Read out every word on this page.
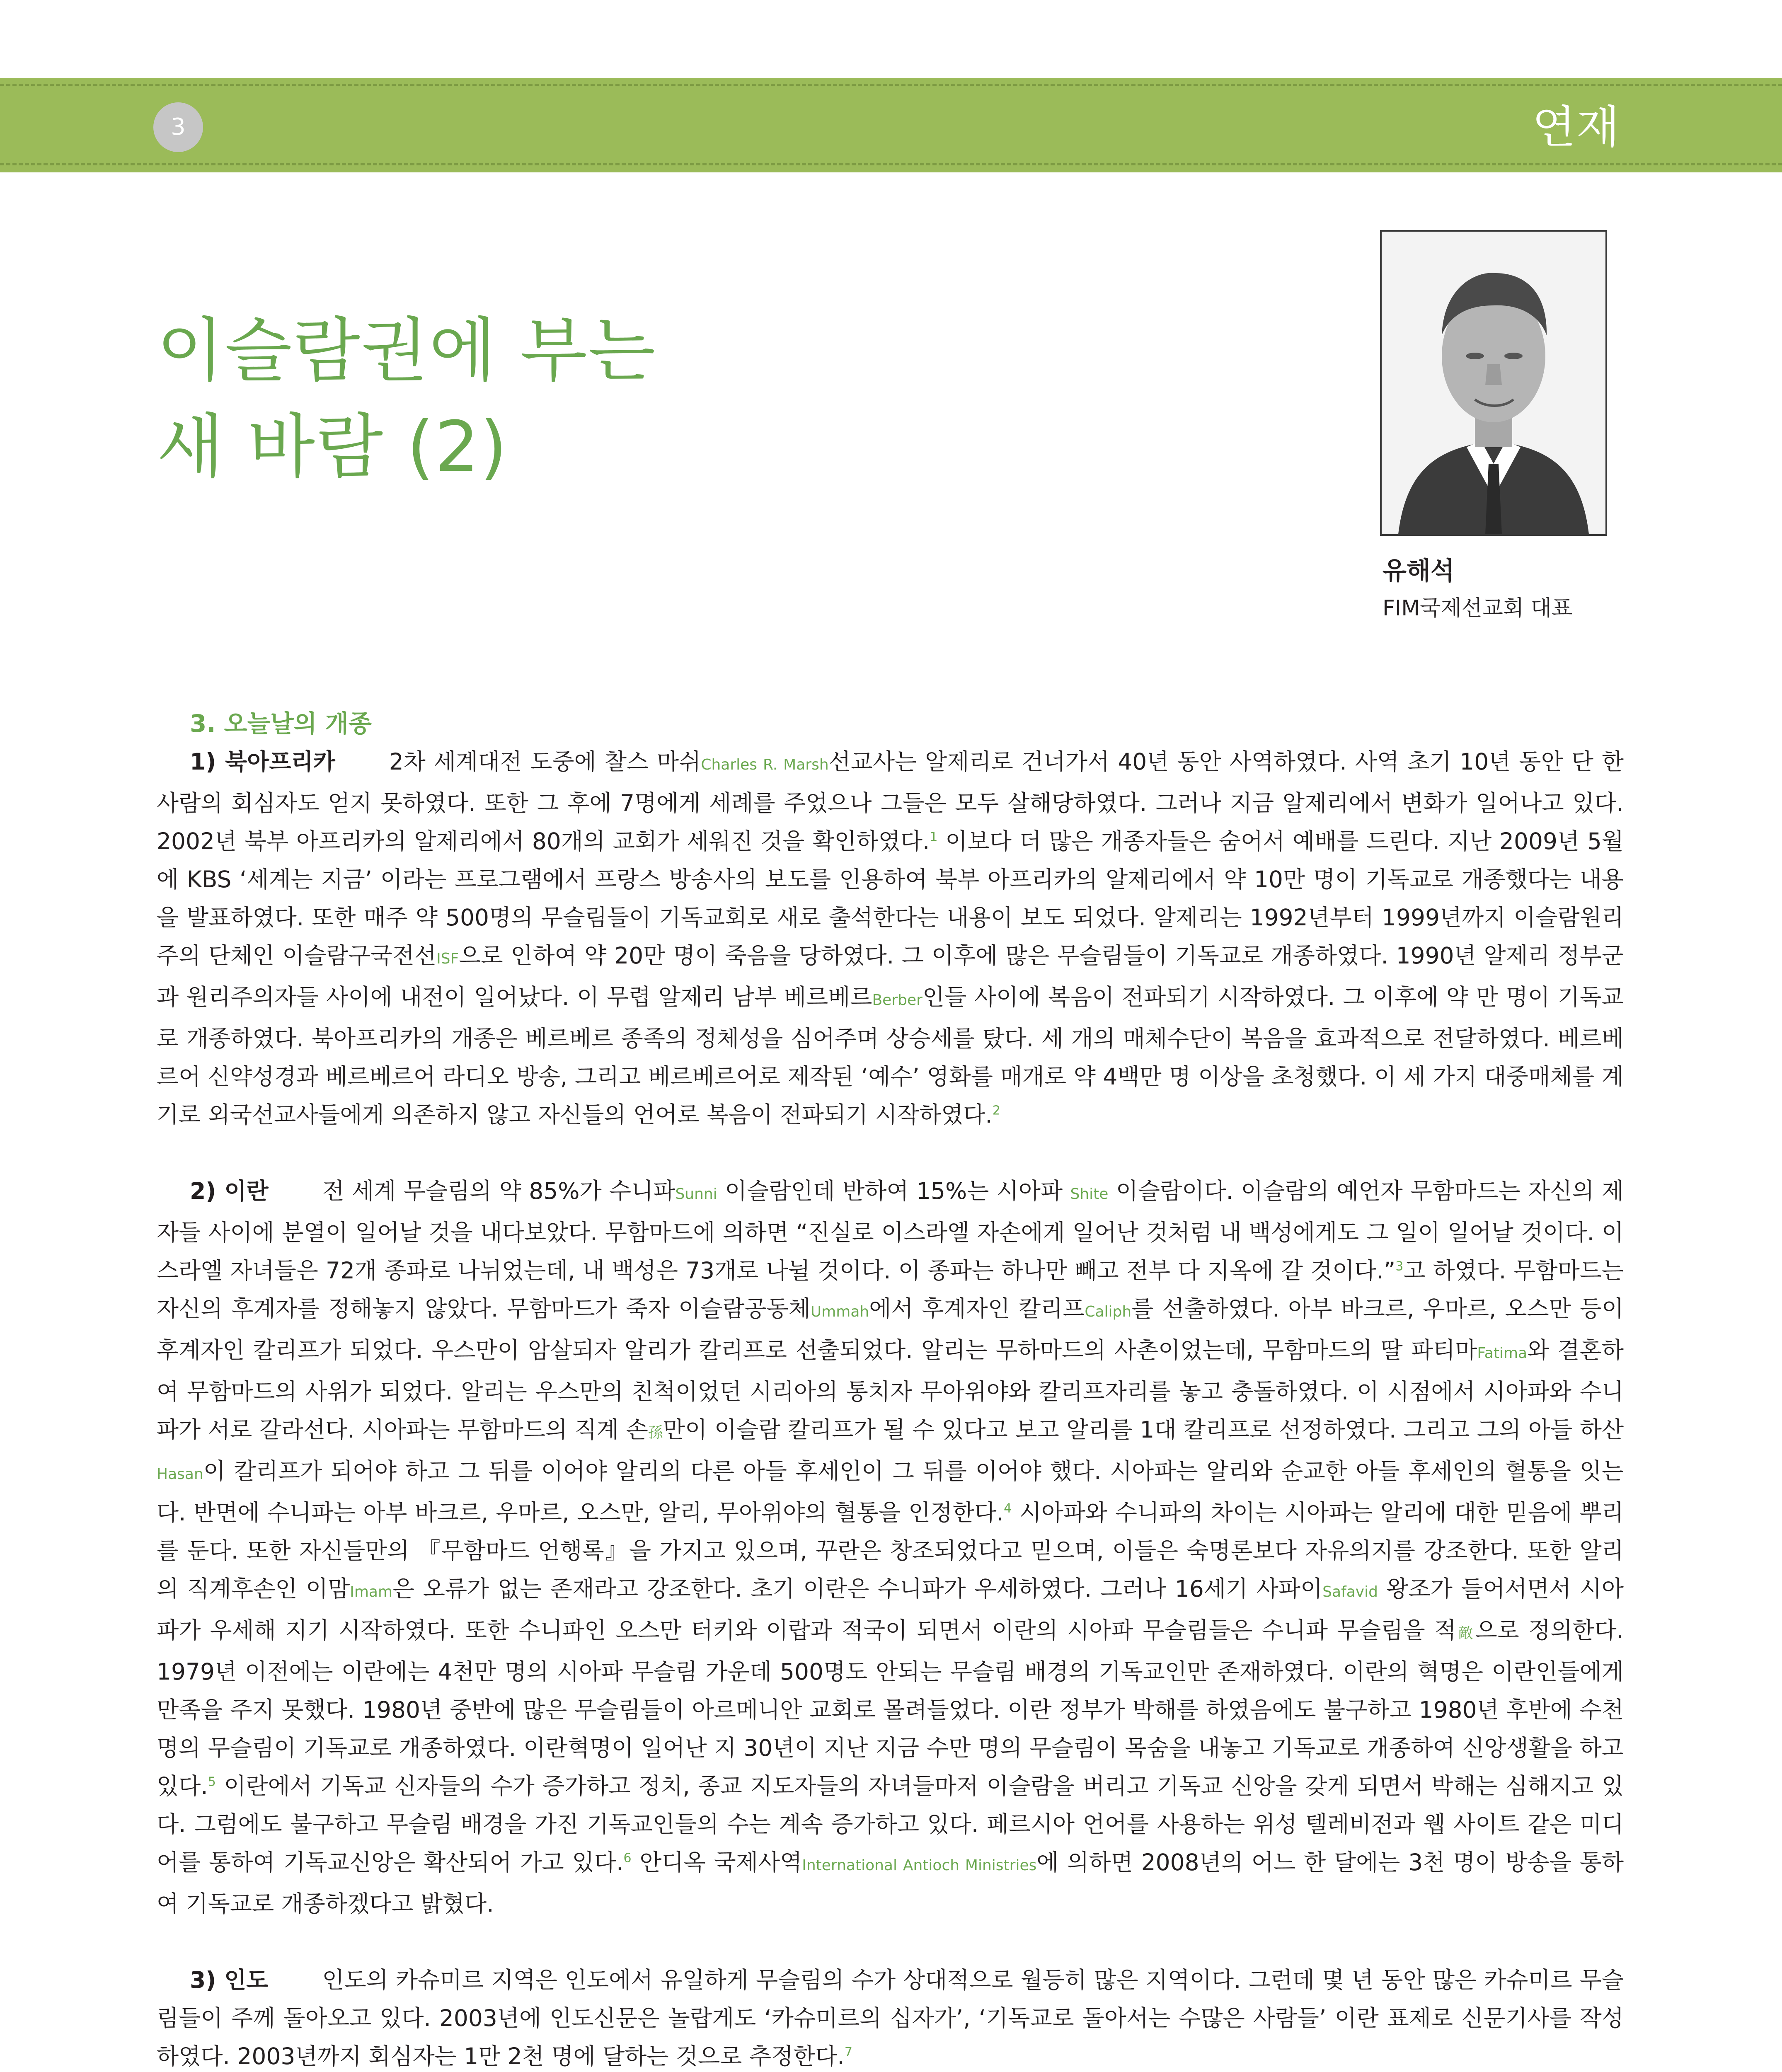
3	연재
이슬람권에 부는
새 바람 (2)
유해석
FIM국제선교회 대표
3. 오늘날의 개종

1) 북아프리카 2차 세계대전 도중에 찰스 마쉬Charles R. Marsh선교사는 알제리로 건너가서 40년 동안 사역하였다. 사역 초기 10년 동안 단 한사람의 회심자도 얻지 못하였다. 또한 그 후에 7명에게 세례를 주었으나 그들은 모두 살해당하였다. 그러나 지금 알제리에서 변화가 일어나고 있다. 2002년 북부 아프리카의 알제리에서 80개의 교회가 세워진 것을 확인하였다.$^1$ 이보다 더 많은 개종자들은 숨어서 예배를 드린다. 지난 2009년 5월에 KBS ‘세계는 지금’ 이라는 프로그램에서 프랑스 방송사의 보도를 인용하여 북부 아프리카의 알제리에서 약 10만 명이 기독교로 개종했다는 내용을 발표하였다. 또한 매주 약 500명의 무슬림들이 기독교회로 새로 출석한다는 내용이 보도 되었다. 알제리는 1992년부터 1999년까지 이슬람원리주의 단체인 이슬람구국전선ISF으로 인하여 약 20만 명이 죽음을 당하였다. 그 이후에 많은 무슬림들이 기독교로 개종하였다. 1990년 알제리 정부군과 원리주의자들 사이에 내전이 일어났다. 이 무렵 알제리 남부 베르베르Berber인들 사이에 복음이 전파되기 시작하였다. 그 이후에 약 만 명이 기독교로 개종하였다. 북아프리카의 개종은 베르베르 종족의 정체성을 심어주며 상승세를 탔다. 세 개의 매체수단이 복음을 효과적으로 전달하였다. 베르베르어 신약성경과 베르베르어 라디오 방송, 그리고 베르베르어로 제작된 ‘예수’ 영화를 매개로 약 4백만 명 이상을 초청했다. 이 세 가지 대중매체를 계기로 외국선교사들에게 의존하지 않고 자신들의 언어로 복음이 전파되기 시작하였다.$^2$

2) 이란 전 세계 무슬림의 약 85%가 수니파Sunni 이슬람인데 반하여 15%는 시아파 Shite 이슬람이다. 이슬람의 예언자 무함마드는 자신의 제자들 사이에 분열이 일어날 것을 내다보았다. 무함마드에 의하면 “진실로 이스라엘 자손에게 일어난 것처럼 내 백성에게도 그 일이 일어날 것이다. 이스라엘 자녀들은 72개 종파로 나뉘었는데, 내 백성은 73개로 나뉠 것이다. 이 종파는 하나만 빼고 전부 다 지옥에 갈 것이다.”$^3$고 하였다. 무함마드는 자신의 후계자를 정해놓지 않았다. 무함마드가 죽자 이슬람공동체Ummah에서 후계자인 칼리프Caliph를 선출하였다. 아부 바크르, 우마르, 오스만 등이 후계자인 칼리프가 되었다. 우스만이 암살되자 알리가 칼리프로 선출되었다. 알리는 무하마드의 사촌이었는데, 무함마드의 딸 파티마Fatima와 결혼하여 무함마드의 사위가 되었다. 알리는 우스만의 친척이었던 시리아의 통치자 무아위야와 칼리프자리를 놓고 충돌하였다. 이 시점에서 시아파와 수니파가 서로 갈라선다. 시아파는 무함마드의 직계 손孫만이 이슬람 칼리프가 될 수 있다고 보고 알리를 1대 칼리프로 선정하였다. 그리고 그의 아들 하산Hasan이 칼리프가 되어야 하고 그 뒤를 이어야 알리의 다른 아들 후세인이 그 뒤를 이어야 했다. 시아파는 알리와 순교한 아들 후세인의 혈통을 잇는다. 반면에 수니파는 아부 바크르, 우마르, 오스만, 알리, 무아위야의 혈통을 인정한다.$^4$ 시아파와 수니파의 차이는 시아파는 알리에 대한 믿음에 뿌리를 둔다. 또한 자신들만의 『무함마드 언행록』을 가지고 있으며, 꾸란은 창조되었다고 믿으며, 이들은 숙명론보다 자유의지를 강조한다. 또한 알리의 직계후손인 이맘Imam은 오류가 없는 존재라고 강조한다. 초기 이란은 수니파가 우세하였다. 그러나 16세기 사파이Safavid 왕조가 들어서면서 시아파가 우세해 지기 시작하였다. 또한 수니파인 오스만 터키와 이랍과 적국이 되면서 이란의 시아파 무슬림들은 수니파 무슬림을 적敵으로 정의한다. 1979년 이전에는 이란에는 4천만 명의 시아파 무슬림 가운데 500명도 안되는 무슬림 배경의 기독교인만 존재하였다. 이란의 혁명은 이란인들에게 만족을 주지 못했다. 1980년 중반에 많은 무슬림들이 아르메니안 교회로 몰려들었다. 이란 정부가 박해를 하였음에도 불구하고 1980년 후반에 수천 명의 무슬림이 기독교로 개종하였다. 이란혁명이 일어난 지 30년이 지난 지금 수만 명의 무슬림이 목숨을 내놓고 기독교로 개종하여 신앙생활을 하고 있다.$^5$ 이란에서 기독교 신자들의 수가 증가하고 정치, 종교 지도자들의 자녀들마저 이슬람을 버리고 기독교 신앙을 갖게 되면서 박해는 심해지고 있다. 그럼에도 불구하고 무슬림 배경을 가진 기독교인들의 수는 계속 증가하고 있다. 페르시아 언어를 사용하는 위성 텔레비전과 웹 사이트 같은 미디어를 통하여 기독교신앙은 확산되어 가고 있다.$^6$ 안디옥 국제사역International Antioch Ministries에 의하면 2008년의 어느 한 달에는 3천 명이 방송을 통하여 기독교로 개종하겠다고 밝혔다.

3) 인도 인도의 카슈미르 지역은 인도에서 유일하게 무슬림의 수가 상대적으로 월등히 많은 지역이다. 그런데 몇 년 동안 많은 카슈미르 무슬림들이 주께 돌아오고 있다. 2003년에 인도신문은 놀랍게도 ‘카슈미르의 십자가’, ‘기독교로 돌아서는 수많은 사람들’ 이란 표제로 신문기사를 작성하였다. 2003년까지 회심자는 1만 2천 명에 달하는 것으로 추정한다.$^7$
